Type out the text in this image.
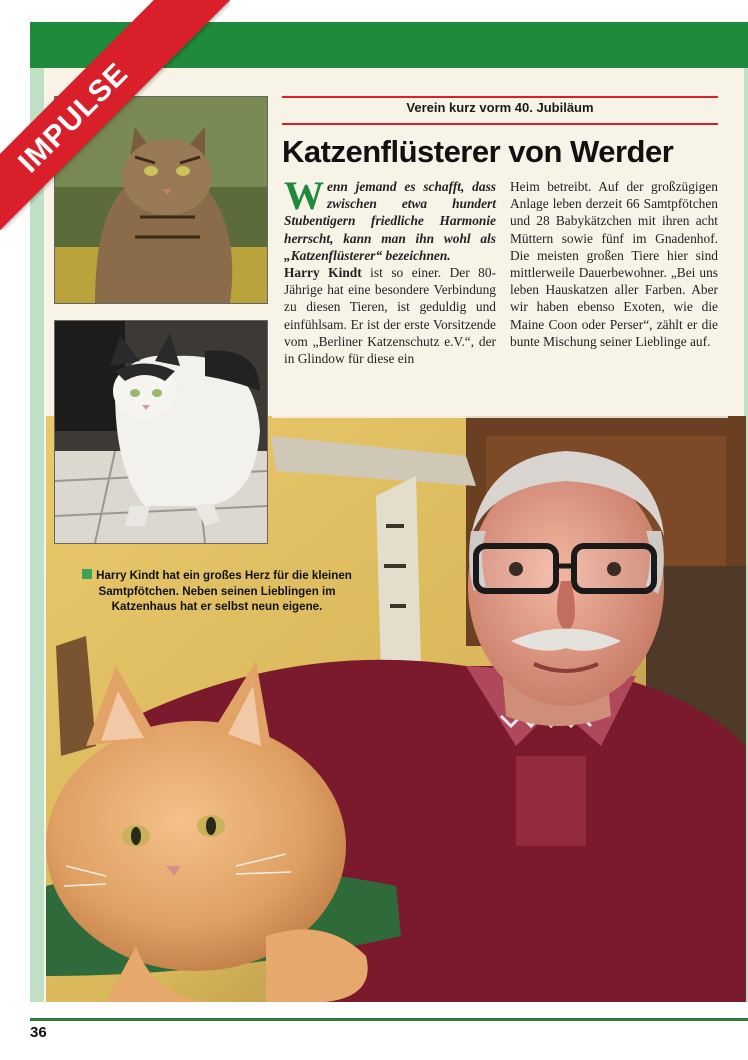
Verein kurz vorm 40. Jubiläum
Katzenflüsterer von Werder

Wenn jemand es schafft, dass zwischen etwa hundert Stubentigern friedliche Harmonie herrscht, kann man ihn wohl als „Katzenflüsterer“ bezeichnen.

Harry Kindt ist so einer. Der 80-Jährige hat eine besondere Verbindung zu diesen Tieren, ist geduldig und einfühlsam. Er ist der erste Vorsitzende vom „Berliner Katzenschutz e.V.“, der in Glindow für diese ein

Heim betreibt. Auf der großzügigen Anlage leben derzeit 66 Samtpfötchen und 28 Babykätzchen mit ihren acht Müttern sowie fünf im Gnadenhof. Die meisten großen Tiere hier sind mittlerweile Dauerbewohner. „Bei uns leben Hauskatzen aller Farben. Aber wir haben ebenso Exoten, wie die Maine Coon oder Perser“, zählt er die bunte Mischung seiner Lieblinge auf.

Harry Kindt hat ein großes Herz für die kleinen Samtpfötchen. Neben seinen Lieblingen im Katzenhaus hat er selbst neun eigene.
36
IMPULSE
